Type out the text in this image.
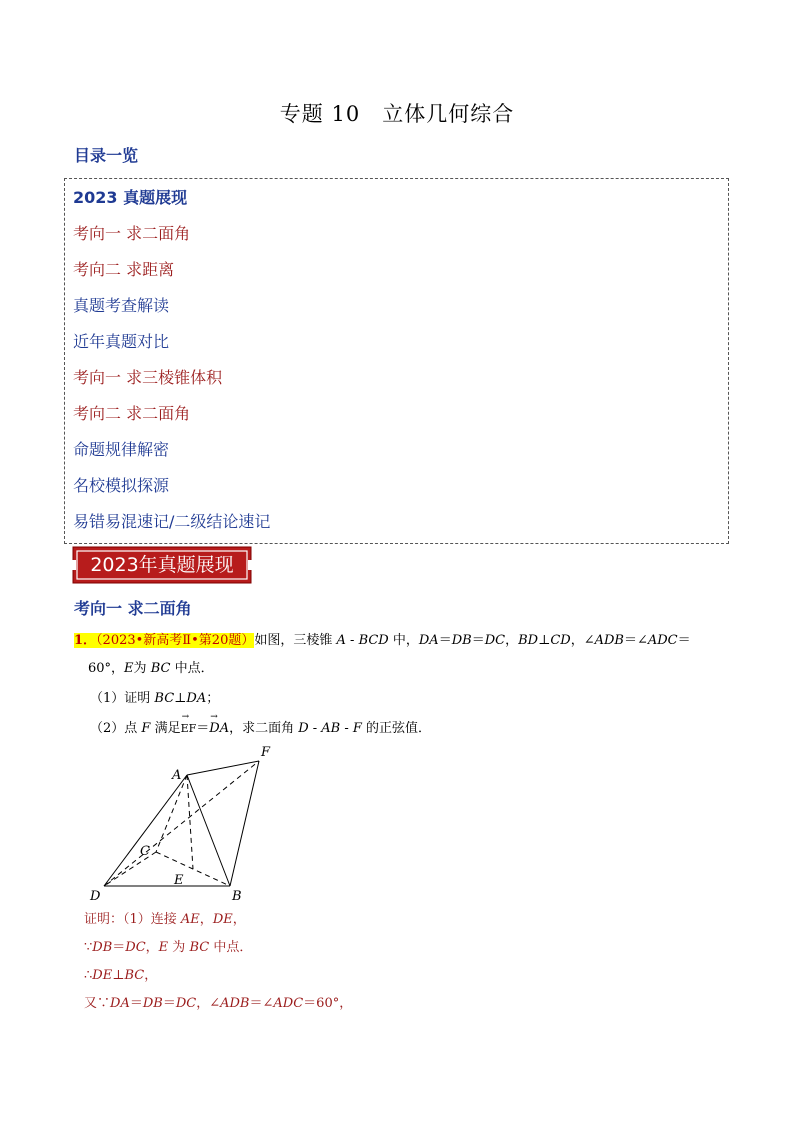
专题 10　立体几何综合
目录一览
2023 真题展现
考向一 求二面角
考向二 求距离
真题考查解读
近年真题对比
考向一 求三棱锥体积
考向二 求二面角
命题规律解密
名校模拟探源
易错易混速记/二级结论速记
2023年真题展现
考向一 求二面角
1．（2023•新高考Ⅱ•第20题）如图，三棱锥 A - BCD 中，DA＝DB＝DC，BD⊥CD，∠ADB＝∠ADC＝
60°，E为 BC 中点．
（1）证明 BC⊥DA；
（2）点 F 满足
→
EF＝
→
DA，求二面角 D - AB - F 的正弦值．
A
F
C
E
D	B
证明：（1）连接 AE，DE，
∵DB＝DC，E 为 BC 中点．
∴DE⊥BC，
又∵DA＝DB＝DC，∠ADB＝∠ADC＝60°，
